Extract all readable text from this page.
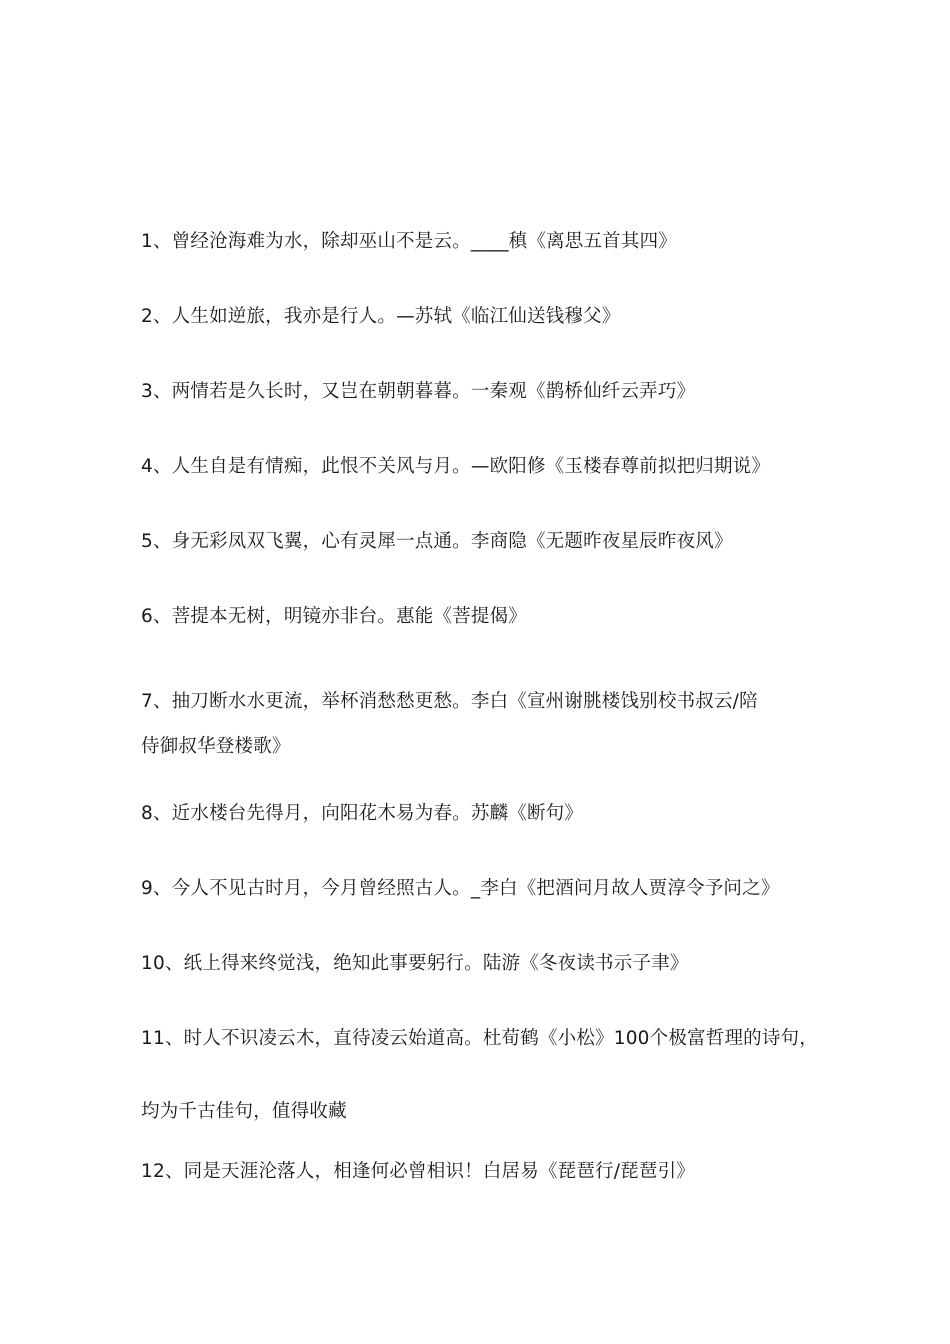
1、曾经沧海难为水，除却巫山不是云。____稹《离思五首其四》
2、人生如逆旅，我亦是行人。—苏轼《临江仙送钱穆父》
3、两情若是久长时，又岂在朝朝暮暮。一秦观《鹊桥仙纤云弄巧》
4、人生自是有情痴，此恨不关风与月。—欧阳修《玉楼春尊前拟把归期说》
5、身无彩凤双飞翼，心有灵犀一点通。李商隐《无题昨夜星辰昨夜风》
6、菩提本无树，明镜亦非台。惠能《菩提偈》
7、抽刀断水水更流，举杯消愁愁更愁。李白《宣州谢朓楼饯别校书叔云/陪
侍御叔华登楼歌》
8、近水楼台先得月，向阳花木易为春。苏麟《断句》
9、今人不见古时月，今月曾经照古人。_李白《把酒问月故人贾淳令予问之》
10、纸上得来终觉浅，绝知此事要躬行。陆游《冬夜读书示子聿》
11、时人不识凌云木，直待凌云始道高。杜荀鹤《小松》100个极富哲理的诗句，
均为千古佳句，值得收藏
12、同是天涯沦落人，相逢何必曾相识！白居易《琵琶行/琵琶引》
